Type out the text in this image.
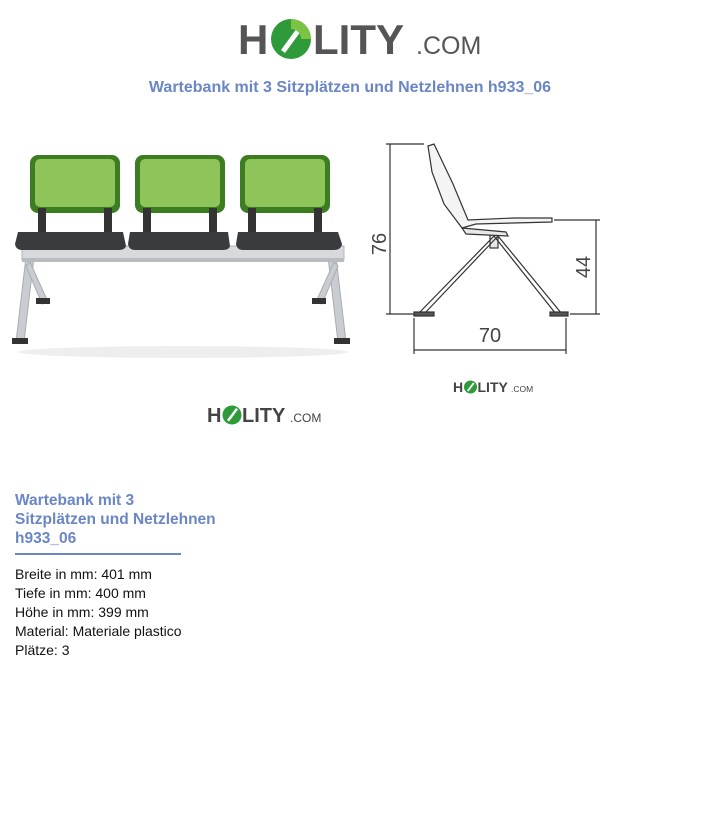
H LITY .COM
Wartebank mit 3 Sitzplätzen und Netzlehnen h933_06
76
44
70
H LITY .COM
H LITY .COM
Wartebank mit 3
Sitzplätzen und Netzlehnen
h933_06
Breite in mm: 401 mm
Tiefe in mm: 400 mm
Höhe in mm: 399 mm
Material: Materiale plastico
Plätze: 3
